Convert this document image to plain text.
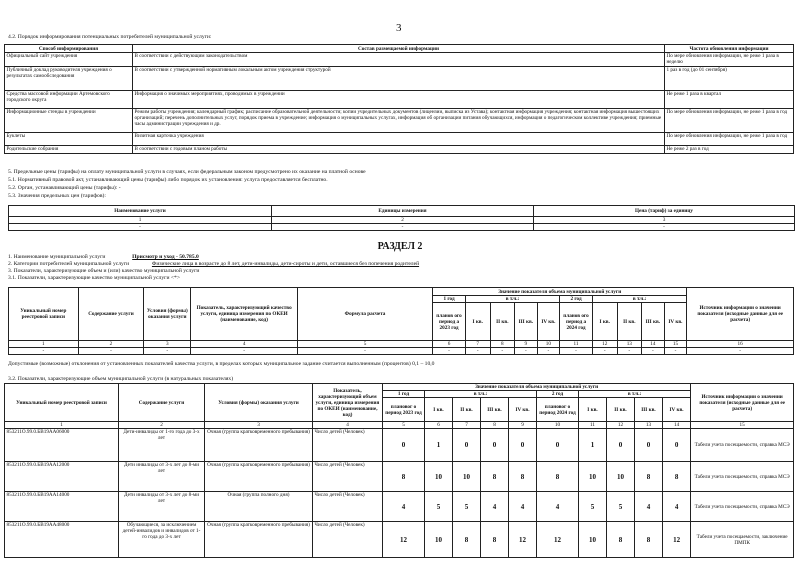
3
4.2. Порядок информирования потенциальных потребителей муниципальной услуги:
Способ информирования	Состав размещаемой информации	Частота обновления информации
Официальный сайт учреждения	В соответствии с действующим законодательством	По мере обновления информации, не реже 1 раза в неделю
Публичный доклад руководителя учреждения о результатах самообследования	В соответствии с утвержденной нормативным локальным актом учреждения структурой	1 раз в год (до 01 сентября)
Средства массовой информации Артемовского городского округа	Информация о значимых мероприятиях, проводимых в учреждении	Не реже 1 раза в квартал
Информационные стенды в учреждении	Режим работы учреждения; календарный график; расписание образовательной деятельности; копии учредительных документов (лицензии, выписка из Устава); контактная информация учреждения; контактная информация вышестоящих организаций; перечень дополнительных услуг, порядок приема в учреждение; информация о муниципальных услугах, информация об организации питания обучающихся, информация о педагогическом коллективе учреждения; приемные часы администрации учреждения и др.	По мере обновления информации, не реже 1 раза в год
Буклеты	Визитная карточка учреждения	По мере обновления информации, не реже 1 раза в год
Родительские собрания	В соответствии с годовым планом работы	Не реже 2 раз в год
5. Предельные цены (тарифы) на оплату муниципальной услуги в случаях, если федеральным законом предусмотрено их оказание на платной основе
5.1. Нормативный правовой акт, устанавливающий цены (тарифы) либо порядок их установления: услуга предоставляется бесплатно.
5.2. Орган, устанавливающий цены (тарифы): -
5.3. Значения предельных цен (тарифов):
Наименование услуги	Единицы измерения	Цена (тариф) за единицу
1	2	3
-	-	-
РАЗДЕЛ 2
1. Наименование муниципальной услуги	Присмотр и уход - 50.785.0
2. Категории потребителей муниципальной услуги	Физические лица в возрасте до 8 лет, дети-инвалиды, дети-сироты и дети, оставшиеся без попечения родителей
3. Показатели, характеризующие объем и (или) качество муниципальной услуги
3.1. Показатели, характеризующие качество муниципальной услуги <*>
Уникальный номер реестровой записи	Содержание услуги	Условия (формы) оказания услуги	Показатель, характеризующий качество услуги, единица измерения по ОКЕИ (наименование, код)	Формула расчета	Значение показателя объема муниципальной услуги										Источник информации о значении показателя (исходные данные для ее расчета)
					1 год	в т.ч.:				2 год	в т.ч.:				
					планов ого период а 2023 год	I кв.	II кв.	III кв.	IV кв.	планов ого период а 2024 год	I кв.	II кв.	III кв.	IV кв.	
1	2	3	4	5	6	7	8	9	10	11	12	13	14	15	16
-	-	-	-	-	-	-	-	-	-	-	-	-	-	-	-
Допустимые (возможные) отклонения от установленных показателей качества услуги, в пределах которых муниципальное задание считается выполненным (процентов) 0,1 – 10,0
3.2. Показатели, характеризующие объем муниципальной услуги (в натуральных показателях)
Уникальный номер реестровой записи	Содержание услуги	Условия (формы) оказания услуги	Показатель, характеризующий объем услуги, единица измерения по ОКЕИ (наименование, код)	Значение показателя объема муниципальной услуги										Источник информации о значении показателя (исходные данные для ее расчета)
				1 год	в т.ч.:				2 год	в т.ч.:				
				плановог о период 2023 год	I кв.	II кв.	III кв.	IV кв.	плановог о период 2024 год	I кв.	II кв.	III кв.	IV кв.	
1	2	3	4	5	6	7	8	9	10	11	12	13	14	15
853211О.99.0.БВ19АА06000	Дети-инвалиды от 1-го года до 3-х лет	Очная (группа кратковременного пребывания)	Число детей (Человек)	0	1	0	0	0	0	1	0	0	0	Табели учета посещаемости, справка МСЭ
853211О.99.0.БВ19АА12000	Дети инвалиды от 3-х лет до 8-ми лет	Очная (группа кратковременного пребывания)	Число детей (Человек)	8	10	10	8	8	8	10	10	8	8	Табели учета посещаемости, справка МСЭ
853211О.99.0.БВ19АА14000	Дети инвалиды от 3-х лет до 8-ми лет	Очная (группа полного дня)	Число детей (Человек)	4	5	5	4	4	4	5	5	4	4	Табели учета посещаемости, справка МСЭ
853211О.99.0.БВ19АА48000	Обучающиеся, за исключением детей-инвалидов и инвалидов от 1-го года до 3-х лет	Очная (группа кратковременного пребывания)	Число детей (Человек)	12	10	8	8	12	12	10	8	8	12	Табели учета посещаемости, заключение ПМПК
